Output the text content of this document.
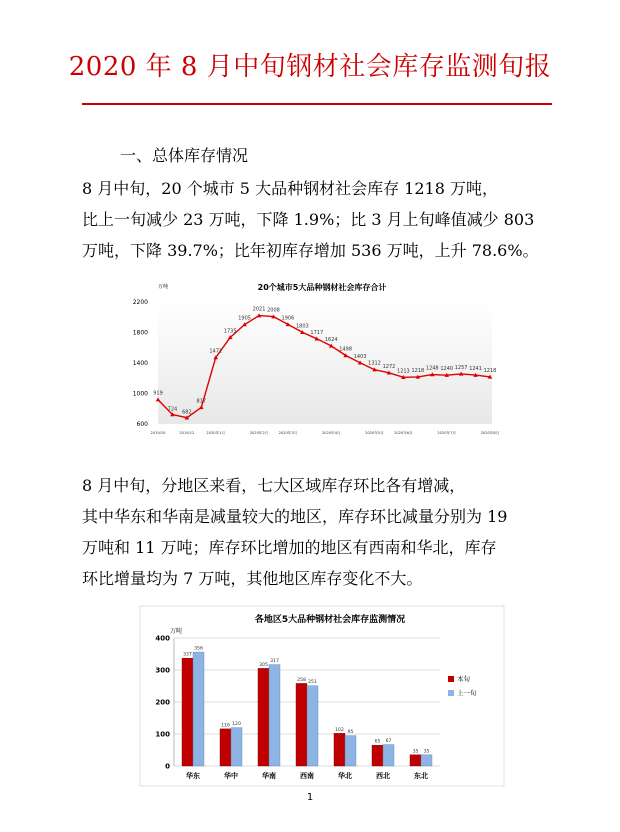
2020 年 8 月中旬钢材社会库存监测旬报
一、总体库存情况
8 月中旬，20 个城市 5 大品种钢材社会库存 1218 万吨，
比上一旬减少 23 万吨，下降 1.9%；比 3 月上旬峰值减少 803
万吨，下降 39.7%；比年初库存增加 536 万吨，上升 78.6%。
20个城市5大品种钢材社会库存合计
万吨
600
1000
1400
1800
2200
919
724
682
817
1471
1735
1905
2021 2008
1906
1803
1717
1624
1498
1403
1312
1272
1213 1218 1248 1240 1257 1241 1218
2019/10	2019/12	2020年1月	2020年2月	2020年3月	2020年4月	2020年5月	2020年6月	2020年7月	2020年8月
8 月中旬，分地区来看，七大区域库存环比各有增减，
其中华东和华南是减量较大的地区，库存环比减量分别为 19
万吨和 11 万吨；库存环比增加的地区有西南和华北，库存
环比增量均为 7 万吨，其他地区库存变化不大。
各地区5大品种钢材社会库存监测情况
万吨
0
100
200
300
400
337
356
116 120
305
317
258 251
102 95
65 67
35 35
华东	华中	华南	西南	华北	西北	东北
本旬
上一旬
1
